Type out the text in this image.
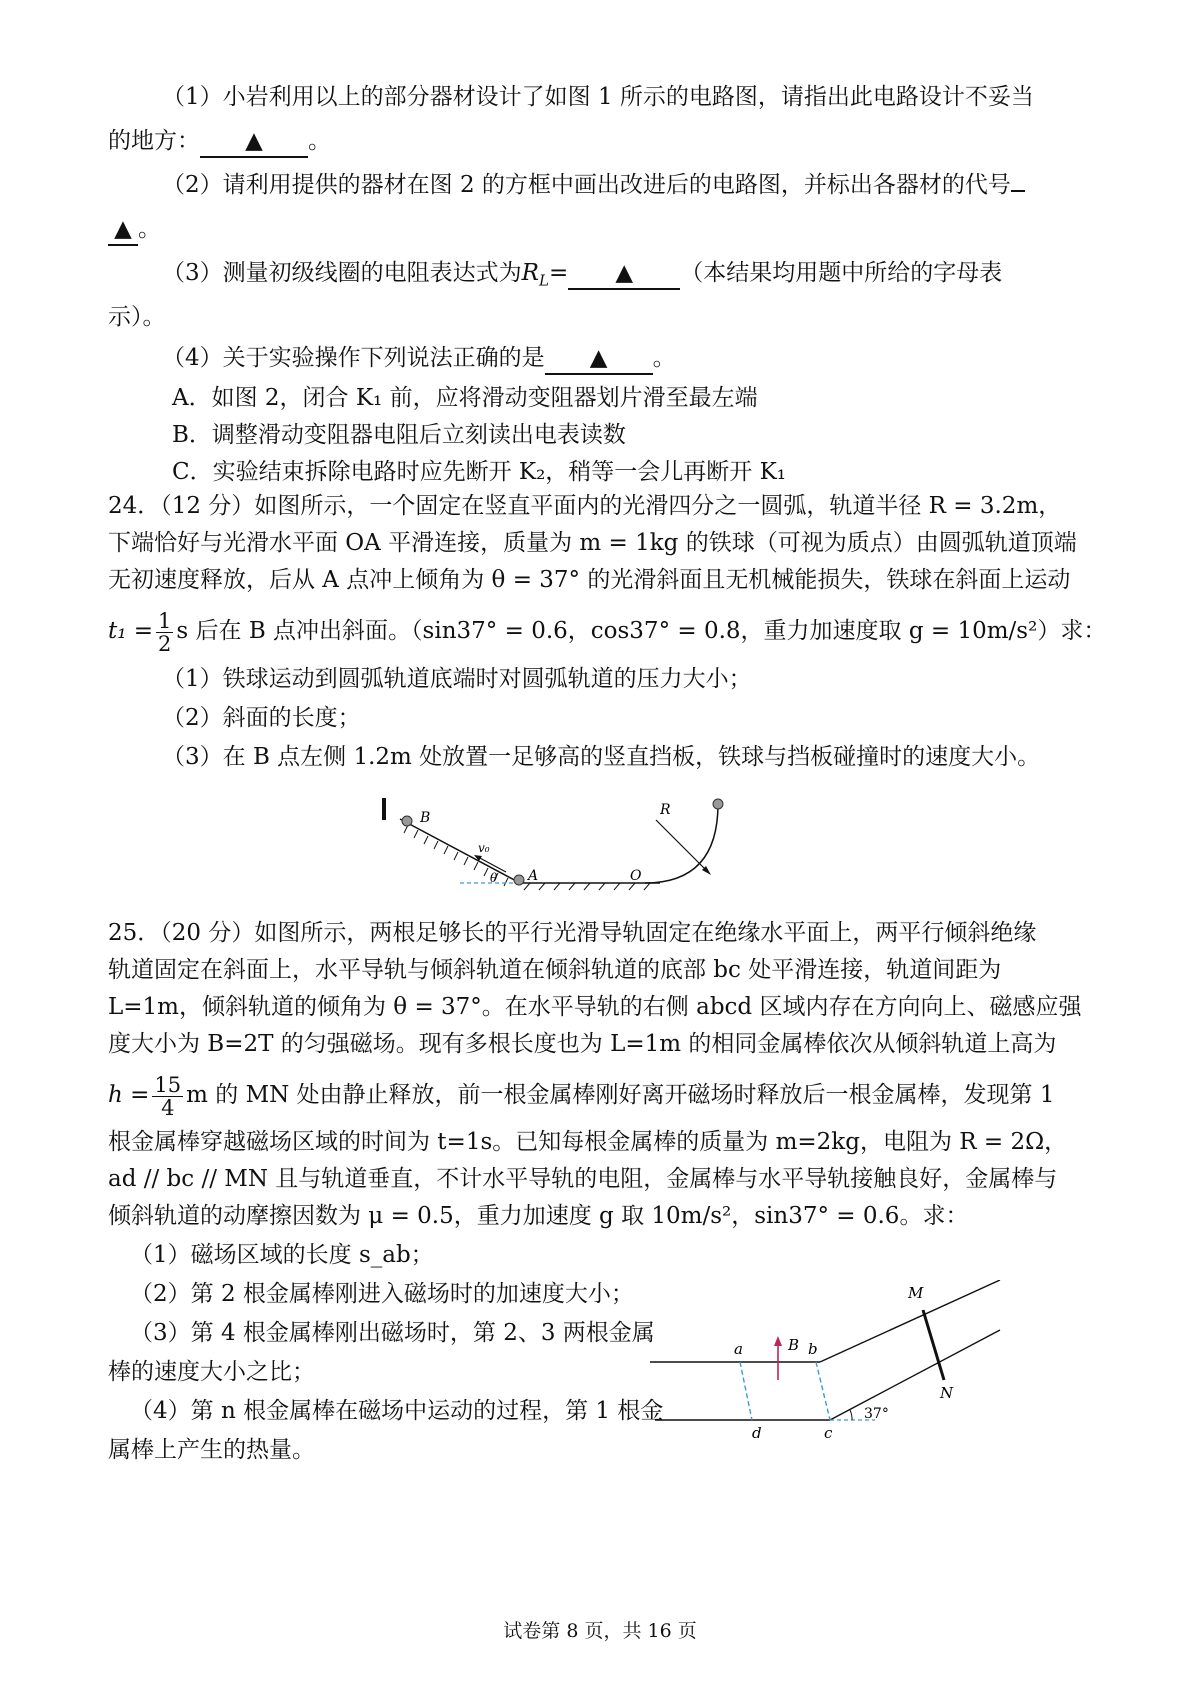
（1）小岩利用以上的部分器材设计了如图 1 所示的电路图，请指出此电路设计不妥当
的地方： ▲ 。
（2）请利用提供的器材在图 2 的方框中画出改进后的电路图，并标出各器材的代号
▲ 。
（3）测量初级线圈的电阻表达式为$R_L=$ ▲ （本结果均用题中所给的字母表
示）。
（4）关于实验操作下列说法正确的是 ▲ 。
A．如图 2，闭合 K₁ 前，应将滑动变阻器划片滑至最左端
B．调整滑动变阻器电阻后立刻读出电表读数
C．实验结束拆除电路时应先断开 K₂，稍等一会儿再断开 K₁
24．（12 分）如图所示，一个固定在竖直平面内的光滑四分之一圆弧，轨道半径 R = 3.2m，
下端恰好与光滑水平面 OA 平滑连接，质量为 m = 1kg 的铁球（可视为质点）由圆弧轨道顶端
无初速度释放，后从 A 点冲上倾角为 θ = 37° 的光滑斜面且无机械能损失，铁球在斜面上运动
$t_1 = \frac{1}{2}$ s 后在 B 点冲出斜面。（sin37° = 0.6，cos37° = 0.8，重力加速度取 g = 10m/s²）求：
（1）铁球运动到圆弧轨道底端时对圆弧轨道的压力大小；
（2）斜面的长度；
（3）在 B 点左侧 1.2m 处放置一足够高的竖直挡板，铁球与挡板碰撞时的速度大小。
B
v₀
A
θ	O
R
25．（20 分）如图所示，两根足够长的平行光滑导轨固定在绝缘水平面上，两平行倾斜绝缘
轨道固定在斜面上，水平导轨与倾斜轨道在倾斜轨道的底部 bc 处平滑连接，轨道间距为
L=1m，倾斜轨道的倾角为 θ = 37°。在水平导轨的右侧 abcd 区域内存在方向向上、磁感应强
度大小为 B=2T 的匀强磁场。现有多根长度也为 L=1m 的相同金属棒依次从倾斜轨道上高为
$h = \frac{15}{4}$ m 的 MN 处由静止释放，前一根金属棒刚好离开磁场时释放后一根金属棒，发现第 1
根金属棒穿越磁场区域的时间为 t=1s。已知每根金属棒的质量为 m=2kg，电阻为 R = 2Ω，
ad // bc // MN 且与轨道垂直，不计水平导轨的电阻，金属棒与水平导轨接触良好，金属棒与
倾斜轨道的动摩擦因数为 μ = 0.5，重力加速度 g 取 10m/s²，sin37° = 0.6。求：
（1）磁场区域的长度 s_ab；
（2）第 2 根金属棒刚进入磁场时的加速度大小；
（3）第 4 根金属棒刚出磁场时，第 2、3 两根金属
棒的速度大小之比；
（4）第 n 根金属棒在磁场中运动的过程，第 1 根金
属棒上产生的热量。
M
N
a	B b
c
d
37°
试卷第 8 页，共 16 页
